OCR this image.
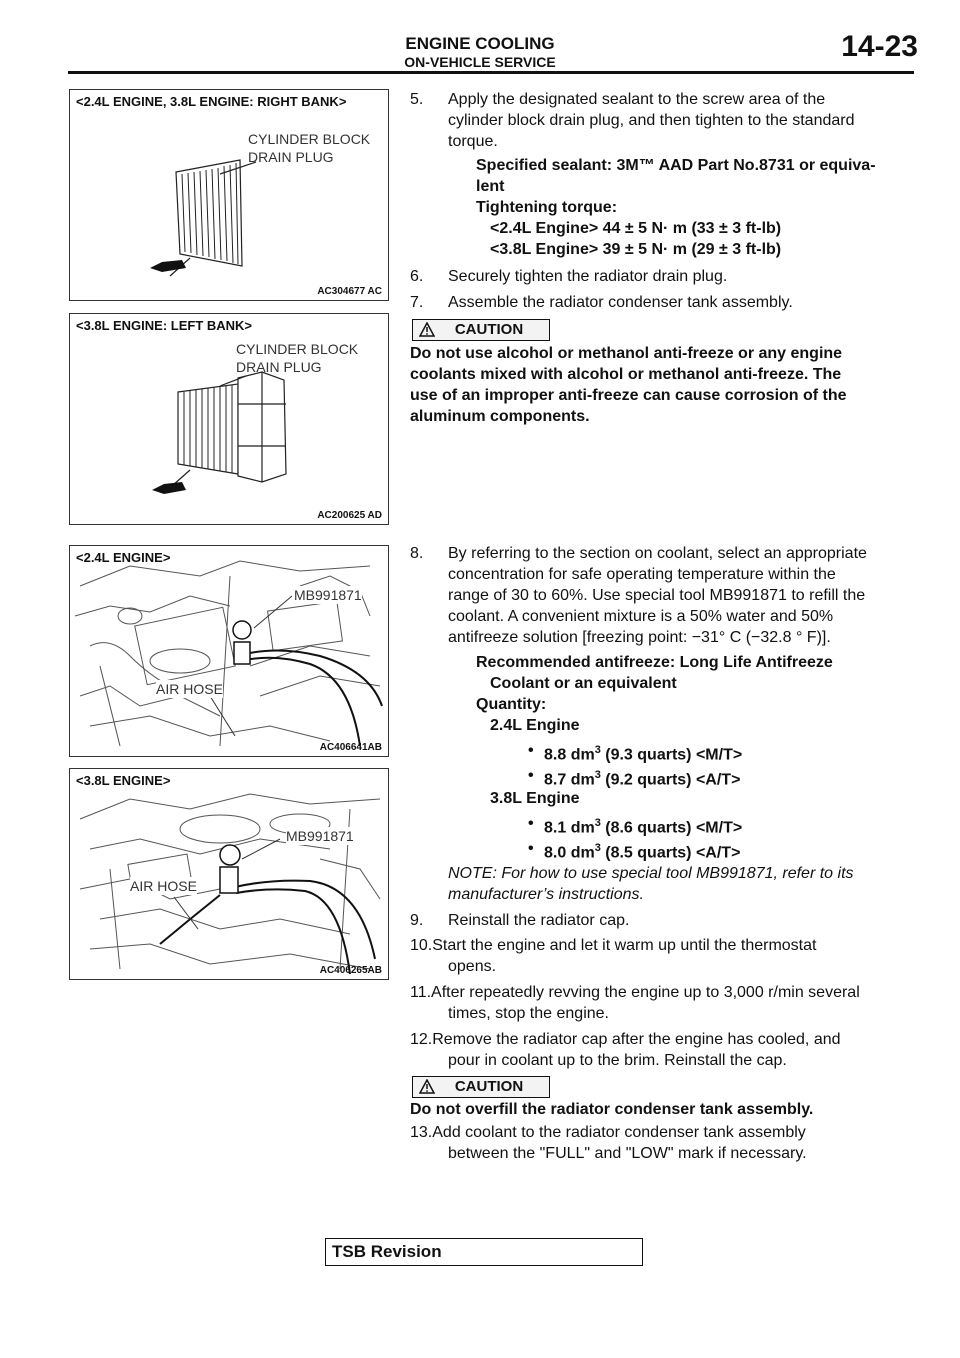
ENGINE COOLING
ON-VEHICLE SERVICE	14-23
<2.4L ENGINE, 3.8L ENGINE: RIGHT BANK>
CYLINDER BLOCK
DRAIN PLUG
AC304677 AC
<3.8L ENGINE: LEFT BANK>
CYLINDER BLOCK
DRAIN PLUG
AC200625 AD
<2.4L ENGINE>
MB991871
AIR HOSE
AC406641AB
<3.8L ENGINE>
MB991871
AIR HOSE
AC406265AB
5. Apply the designated sealant to the screw area of the
cylinder block drain plug, and then tighten to the standard
torque.
Specified sealant: 3M™ AAD Part No.8731 or equiva-
lent
Tightening torque:
<2.4L Engine> 44 ± 5 N· m (33 ± 3 ft-lb)
<3.8L Engine> 39 ± 5 N· m (29 ± 3 ft-lb)
6. Securely tighten the radiator drain plug.
7. Assemble the radiator condenser tank assembly.
CAUTION
Do not use alcohol or methanol anti-freeze or any engine
coolants mixed with alcohol or methanol anti-freeze. The
use of an improper anti-freeze can cause corrosion of the
aluminum components.
8. By referring to the section on coolant, select an appropriate
concentration for safe operating temperature within the
range of 30 to 60%. Use special tool MB991871 to refill the
coolant. A convenient mixture is a 50% water and 50%
antifreeze solution [freezing point: −31° C (−32.8 ° F)].
Recommended antifreeze: Long Life Antifreeze
Coolant or an equivalent
Quantity:
2.4L Engine
• 8.8 $dm^3$ (9.3 quarts) <M/T>
• 8.7 $dm^3$ (9.2 quarts) <A/T>
3.8L Engine
• 8.1 $dm^3$ (8.6 quarts) <M/T>
• 8.0 $dm^3$ (8.5 quarts) <A/T>
NOTE: For how to use special tool MB991871, refer to its
manufacturer’s instructions.
9. Reinstall the radiator cap.
10.Start the engine and let it warm up until the thermostat
opens.
11.After repeatedly revving the engine up to 3,000 r/min several
times, stop the engine.
12.Remove the radiator cap after the engine has cooled, and
pour in coolant up to the brim. Reinstall the cap.
CAUTION
Do not overfill the radiator condenser tank assembly.
13.Add coolant to the radiator condenser tank assembly
between the "FULL" and "LOW" mark if necessary.
TSB Revision
